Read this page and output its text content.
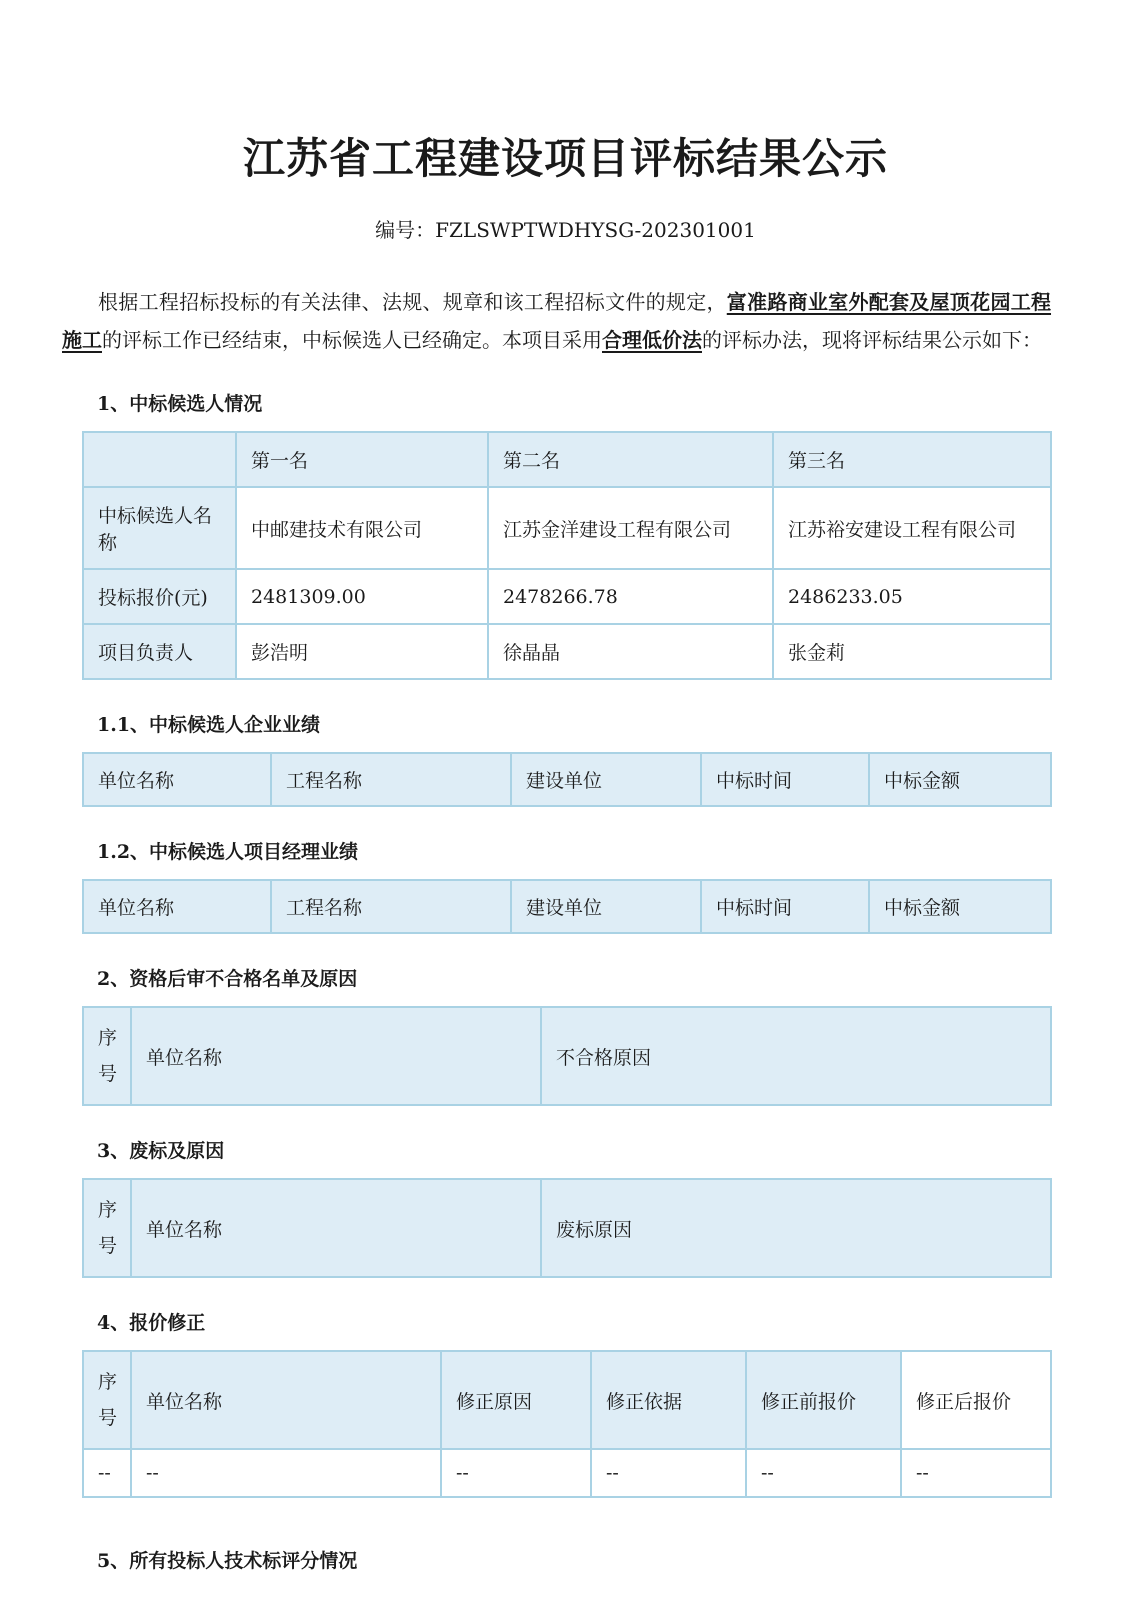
江苏省工程建设项目评标结果公示

编号：FZLSWPTWDHYSG-202301001

根据工程招标投标的有关法律、法规、规章和该工程招标文件的规定，富准路商业室外配套及屋顶花园工程施工的评标工作已经结束，中标候选人已经确定。本项目采用合理低价法的评标办法，现将评标结果公示如下：

1、中标候选人情况
	第一名	第二名	第三名
中标候选人名称	中邮建技术有限公司	江苏金洋建设工程有限公司	江苏裕安建设工程有限公司
投标报价(元)	2481309.00	2478266.78	2486233.05
项目负责人	彭浩明	徐晶晶	张金莉
1.1、中标候选人企业业绩
单位名称	工程名称	建设单位	中标时间	中标金额
1.2、中标候选人项目经理业绩
单位名称	工程名称	建设单位	中标时间	中标金额
2、资格后审不合格名单及原因
序号	单位名称	不合格原因
3、废标及原因
序号	单位名称	废标原因
4、报价修正
序号	单位名称	修正原因	修正依据	修正前报价	修正后报价
--	--	--	--	--	--
5、所有投标人技术标评分情况
